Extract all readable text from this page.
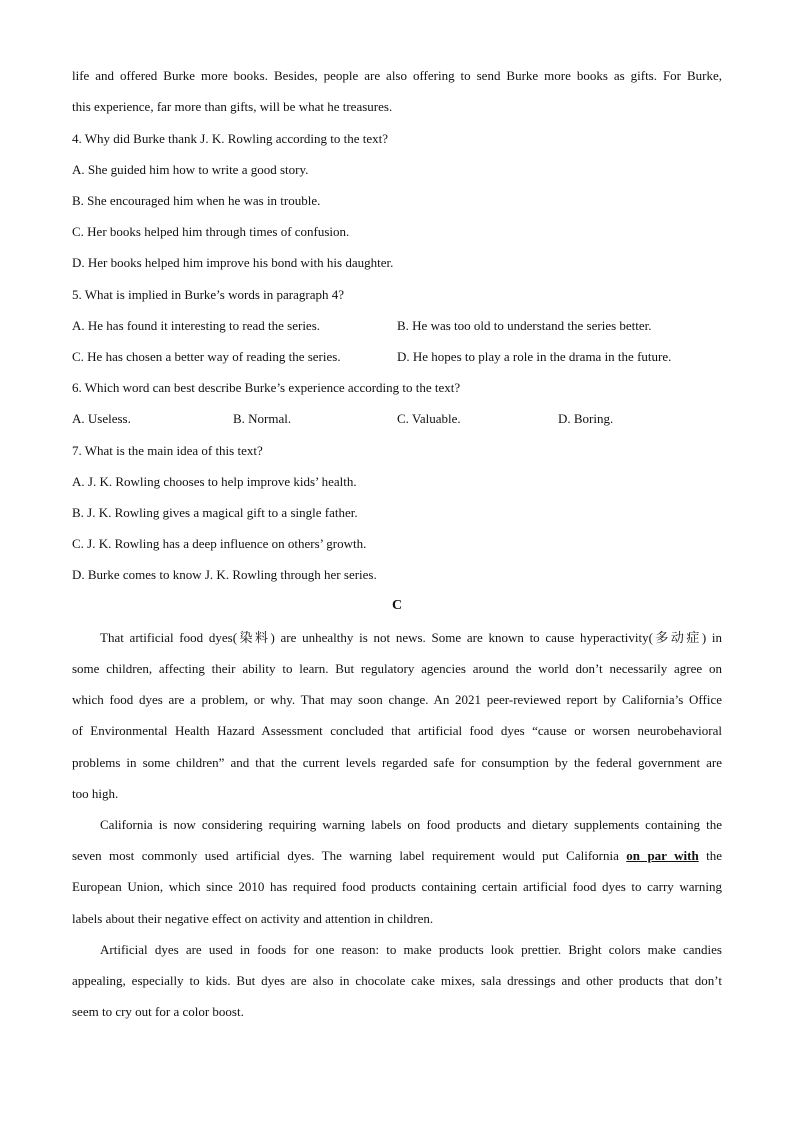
life and offered Burke more books. Besides, people are also offering to send Burke more books as gifts. For Burke,
this experience, far more than gifts, will be what he treasures.
4. Why did Burke thank J. K. Rowling according to the text?
A. She guided him how to write a good story.
B. She encouraged him when he was in trouble.
C. Her books helped him through times of confusion.
D. Her books helped him improve his bond with his daughter.
5. What is implied in Burke’s words in paragraph 4?
A. He has found it interesting to read the series.	B. He was too old to understand the series better.
C. He has chosen a better way of reading the series.	D. He hopes to play a role in the drama in the future.
6. Which word can best describe Burke’s experience according to the text?
A. Useless.	B. Normal.	C. Valuable.	D. Boring.
7. What is the main idea of this text?
A. J. K. Rowling chooses to help improve kids’ health.
B. J. K. Rowling gives a magical gift to a single father.
C. J. K. Rowling has a deep influence on others’ growth.
D. Burke comes to know J. K. Rowling through her series.
C
That artificial food dyes(染料) are unhealthy is not news. Some are known to cause hyperactivity(多动症) in
some children, affecting their ability to learn. But regulatory agencies around the world don’t necessarily agree on
which food dyes are a problem, or why. That may soon change. An 2021 peer-reviewed report by California’s Office
of Environmental Health Hazard Assessment concluded that artificial food dyes “cause or worsen neurobehavioral
problems in some children” and that the current levels regarded safe for consumption by the federal government are
too high.
California is now considering requiring warning labels on food products and dietary supplements containing the
seven most commonly used artificial dyes. The warning label requirement would put California on par with the
European Union, which since 2010 has required food products containing certain artificial food dyes to carry warning
labels about their negative effect on activity and attention in children.
Artificial dyes are used in foods for one reason: to make products look prettier. Bright colors make candies
appealing, especially to kids. But dyes are also in chocolate cake mixes, sala dressings and other products that don’t
seem to cry out for a color boost.
